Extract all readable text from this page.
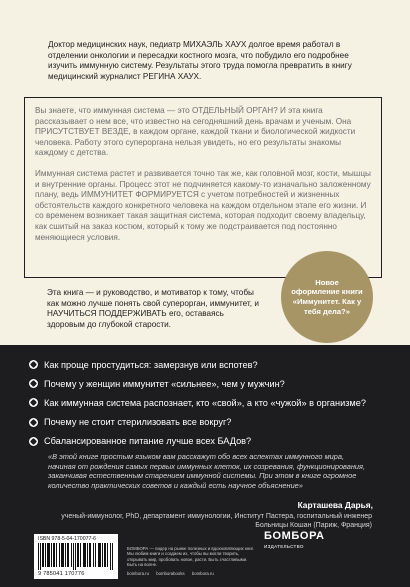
Доктор медицинских наук, педиатр МИХАЭЛЬ ХАУХ долгое время работал в отделении онкологии и пересадки костного мозга, что побудило его подробнее изучить иммунную систему. Результаты этого труда помогла превратить в книгу медицинский журналист РЕГИНА ХАУХ.
Вы знаете, что иммунная система — это ОТДЕЛЬНЫЙ ОРГАН? И эта книга рассказывает о нем все, что известно на сегодняшний день врачам и ученым. Она ПРИСУТСТВУЕТ ВЕЗДЕ, в каждом органе, каждой ткани и биологической жидкости человека. Работу этого супероргана нельзя увидеть, но его результаты знакомы каждому с детства.
Иммунная система растет и развивается точно так же, как головной мозг, кости, мышцы и внутренние органы. Процесс этот не подчиняется какому-то изначально заложенному плану, ведь ИММУНИТЕТ ФОРМИРУЕТСЯ с учетом потребностей и жизненных обстоятельств каждого конкретного человека на каждом отдельном этапе его жизни. И со временем возникает такая защитная система, которая подходит своему владельцу, как сшитый на заказ костюм, который к тому же подстраивается под постоянно меняющиеся условия.
Эта книга — и руководство, и мотиватор к тому, чтобы как можно лучше понять свой суперорган, иммунитет, и НАУЧИТЬСЯ ПОДДЕРЖИВАТЬ его, оставаясь здоровым до глубокой старости.
Новое оформление книги «Иммунитет. Как у тебя дела?»
Как проще простудиться: замерзнув или вспотев?
Почему у женщин иммунитет «сильнее», чем у мужчин?
Как иммунная система распознает, кто «свой», а кто «чужой» в организме?
Почему не стоит стерилизовать все вокруг?
Сбалансированное питание лучше всех БАДов?
«В этой книге простым языком вам расскажут обо всех аспектах иммунного мира, начиная от рождения самых первых иммунных клеток, их созревания, функционирования, заканчивая естественным старением иммунной системы. При этом в книге огромное количество практических советов и каждый есть научное объяснение»
Карташева Дарья,
ученый-иммунолог, PhD, департамент иммунологии, Институт Пастера, госпитальный инженер Больницы Кошан (Париж, Франция)
ISBN 978-5-04-170077-6
9 785041 170776
БОМБОРА
ИЗДАТЕЛЬСТВО
БОМБОРА — лидер на рынке полезных и вдохновляющих книг. Мы любим книги и создаем их, чтобы вы могли творить, открывать мир, пробовать новое, расти. Быть счастливыми. Быть на волне.
bombora.ru bomborabooks bombora.ru
